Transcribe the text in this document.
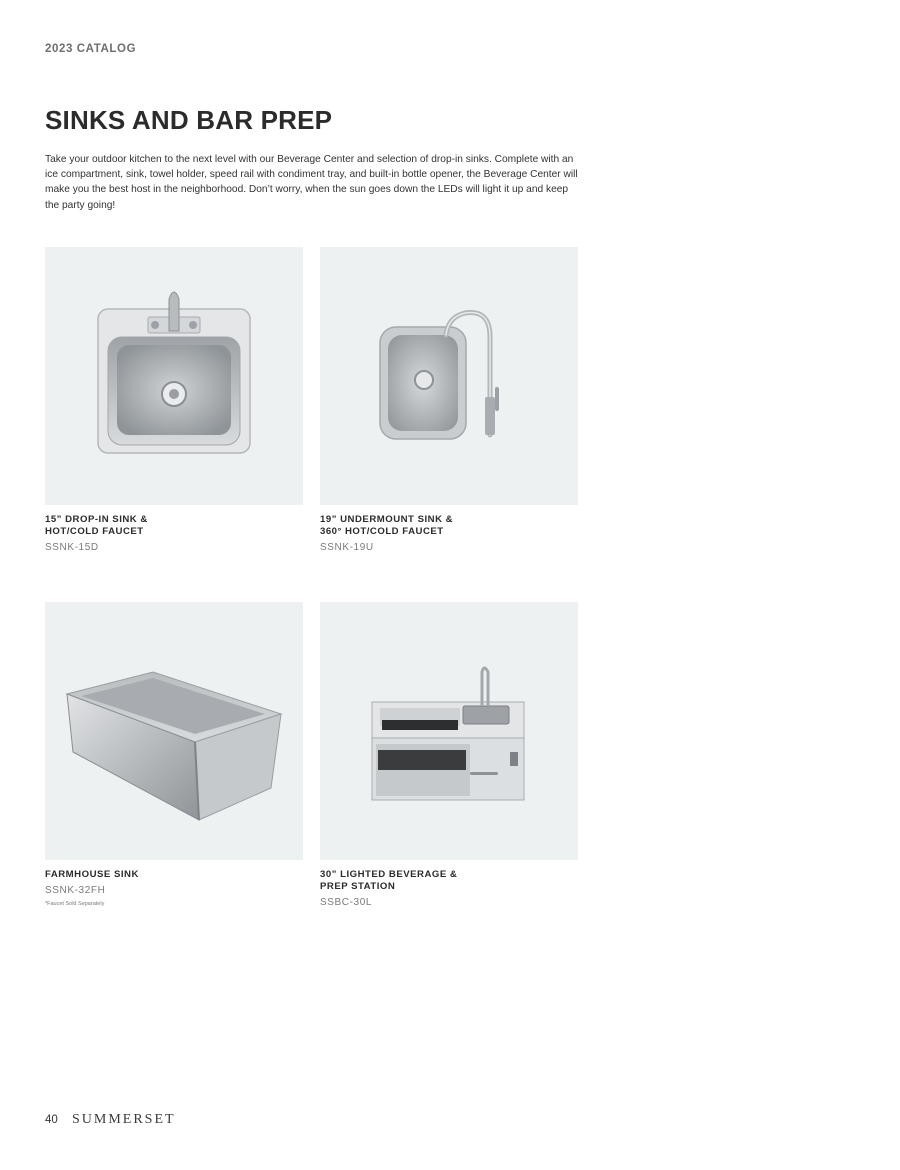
2023 CATALOG
SINKS AND BAR PREP

Take your outdoor kitchen to the next level with our Beverage Center and selection of drop-in sinks. Complete with an ice compartment, sink, towel holder, speed rail with condiment tray, and built-in bottle opener, the Beverage Center will make you the best host in the neighborhood. Don’t worry, when the sun goes down the LEDs will light it up and keep the party going!

15” DROP-IN SINK &
HOT/COLD FAUCET
SSNK-15D
19” UNDERMOUNT SINK &
360° HOT/COLD FAUCET
SSNK-19U
FARMHOUSE SINK
SSNK-32FH
*Faucet Sold Separately
30” LIGHTED BEVERAGE &
PREP STATION
SSBC-30L
40 SUMMERSET
